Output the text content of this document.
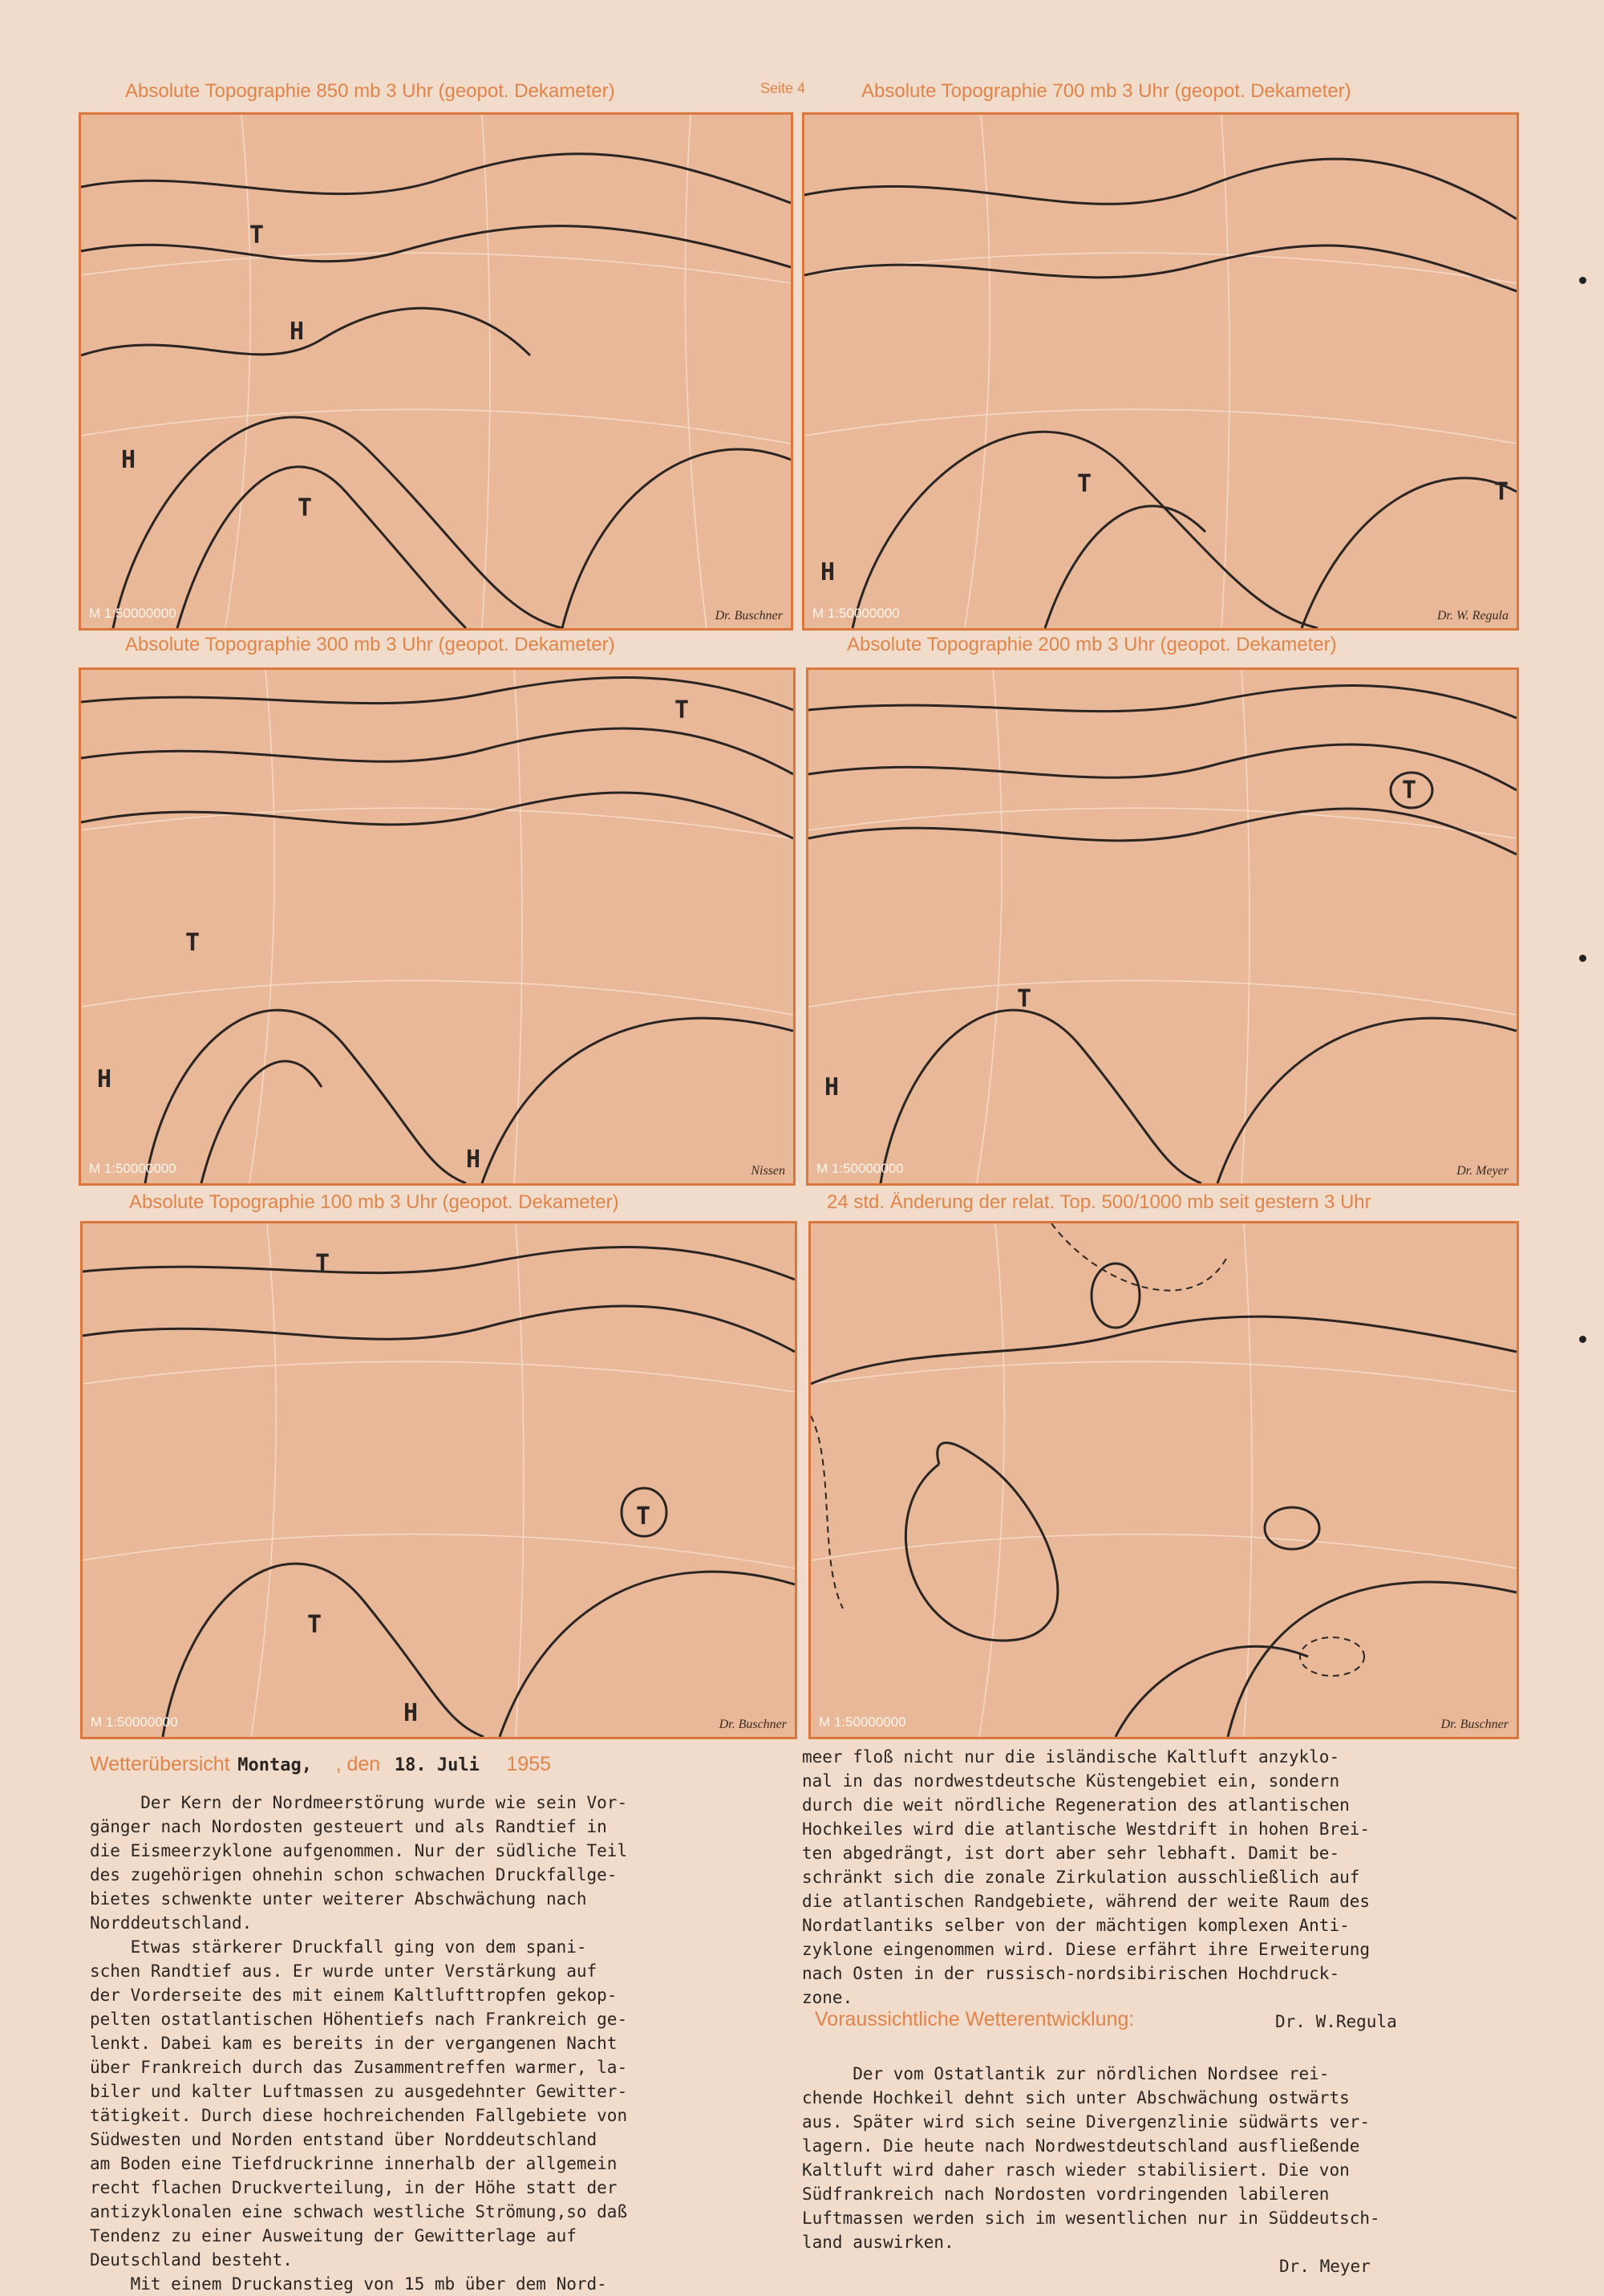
Seite 4
Absolute Topographie 850 mb 3 Uhr (geopot. Dekameter)
T
H
H
T
M 1:50000000	Dr. Buschner
Absolute Topographie 700 mb 3 Uhr (geopot. Dekameter)
T
H
T
M 1:50000000	Dr. W. Regula
Absolute Topographie 300 mb 3 Uhr (geopot. Dekameter)
T
H
H
T
M 1:50000000	Nissen
Absolute Topographie 200 mb 3 Uhr (geopot. Dekameter)
T
H
T
M 1:50000000	Dr. Meyer
Absolute Topographie 100 mb 3 Uhr (geopot. Dekameter)
T
T
T
H
M 1:50000000	Dr. Buschner
24 std. Änderung der relat. Top. 500/1000 mb seit gestern 3 Uhr
M 1:50000000	Dr. Buschner
Wetterübersicht Montag, , den 18. Juli 1955
Der Kern der Nordmeerstörung wurde wie sein Vor-
gänger nach Nordosten gesteuert und als Randtief in
die Eismeerzyklone aufgenommen. Nur der südliche Teil
des zugehörigen ohnehin schon schwachen Druckfallge-
bietes schwenkte unter weiterer Abschwächung nach
Norddeutschland.
Etwas stärkerer Druckfall ging von dem spani-
schen Randtief aus. Er wurde unter Verstärkung auf
der Vorderseite des mit einem Kaltlufttropfen gekop-
pelten ostatlantischen Höhentiefs nach Frankreich ge-
lenkt. Dabei kam es bereits in der vergangenen Nacht
über Frankreich durch das Zusammentreffen warmer, la-
biler und kalter Luftmassen zu ausgedehnter Gewitter-
tätigkeit. Durch diese hochreichenden Fallgebiete von
Südwesten und Norden entstand über Norddeutschland
am Boden eine Tiefdruckrinne innerhalb der allgemein
recht flachen Druckverteilung, in der Höhe statt der
antizyklonalen eine schwach westliche Strömung,so daß
Tendenz zu einer Ausweitung der Gewitterlage auf
Deutschland besteht.
Mit einem Druckanstieg von 15 mb über dem Nord-
meer floß nicht nur die isländische Kaltluft anzyklo-
nal in das nordwestdeutsche Küstengebiet ein, sondern
durch die weit nördliche Regeneration des atlantischen
Hochkeiles wird die atlantische Westdrift in hohen Brei-
ten abgedrängt, ist dort aber sehr lebhaft. Damit be-
schränkt sich die zonale Zirkulation ausschließlich auf
die atlantischen Randgebiete, während der weite Raum des
Nordatlantiks selber von der mächtigen komplexen Anti-
zyklone eingenommen wird. Diese erfährt ihre Erweiterung
nach Osten in der russisch-nordsibirischen Hochdruck-
zone.
Voraussichtliche Wetterentwicklung:	Dr. W.Regula
Der vom Ostatlantik zur nördlichen Nordsee rei-
chende Hochkeil dehnt sich unter Abschwächung ostwärts
aus. Später wird sich seine Divergenzlinie südwärts ver-
lagern. Die heute nach Nordwestdeutschland ausfließende
Kaltluft wird daher rasch wieder stabilisiert. Die von
Südfrankreich nach Nordosten vordringenden labileren
Luftmassen werden sich im wesentlichen nur in Süddeutsch-
land auswirken.
Dr. Meyer
